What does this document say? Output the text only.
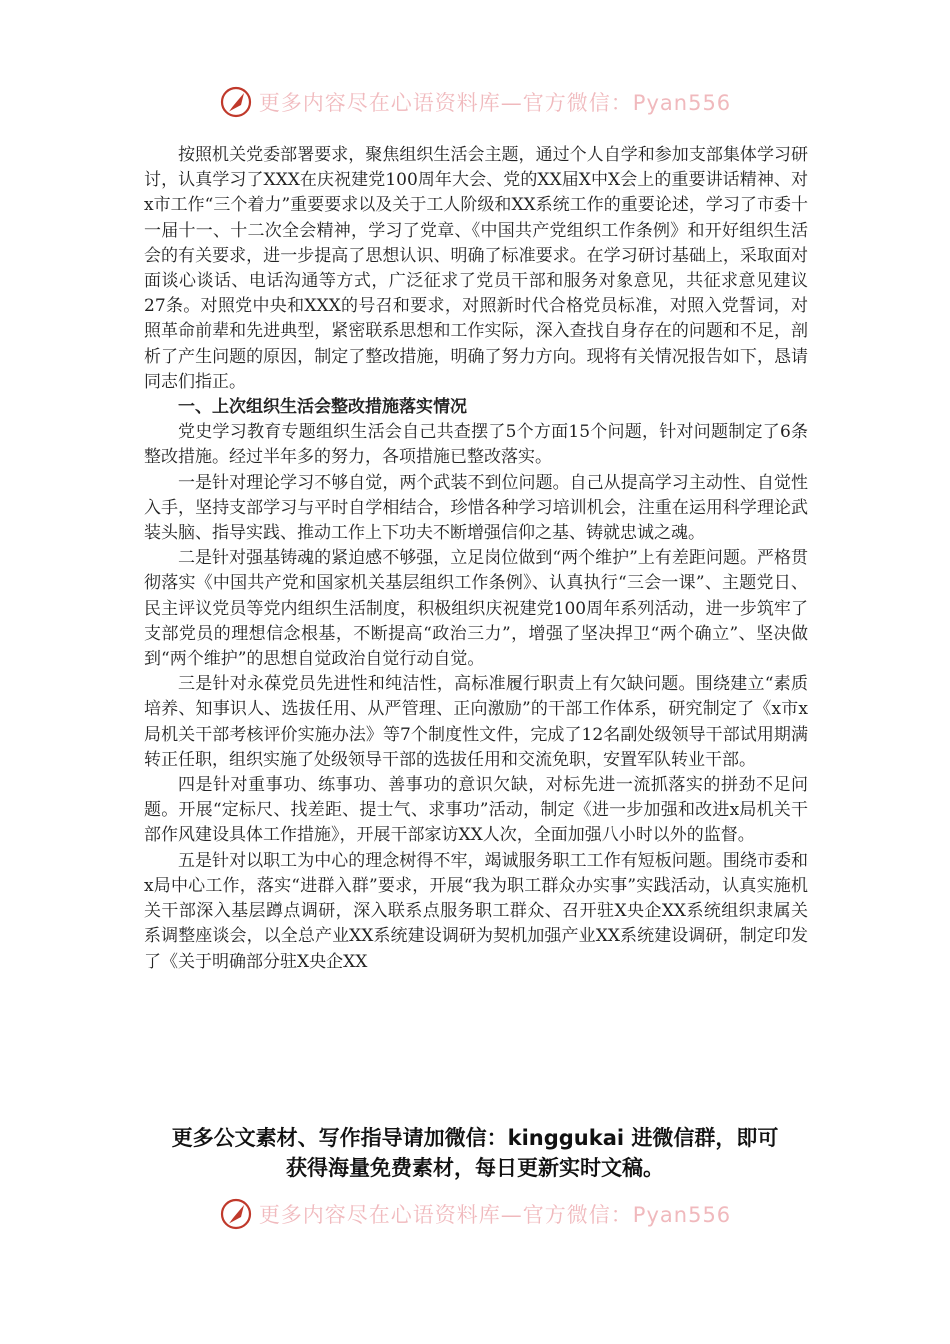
更多内容尽在心语资料库—官方微信：Pyan556

按照机关党委部署要求，聚焦组织生活会主题，通过个人自学和参加支部集体学习研讨，认真学习了XXX在庆祝建党100周年大会、党的XX届X中X会上的重要讲话精神、对x市工作“三个着力”重要要求以及关于工人阶级和XX系统工作的重要论述，学习了市委十一届十一、十二次全会精神，学习了党章、《中国共产党组织工作条例》和开好组织生活会的有关要求，进一步提高了思想认识、明确了标准要求。在学习研讨基础上，采取面对面谈心谈话、电话沟通等方式，广泛征求了党员干部和服务对象意见，共征求意见建议27条。对照党中央和XXX的号召和要求，对照新时代合格党员标准，对照入党誓词，对照革命前辈和先进典型，紧密联系思想和工作实际，深入查找自身存在的问题和不足，剖析了产生问题的原因，制定了整改措施，明确了努力方向。现将有关情况报告如下，恳请同志们指正。

一、上次组织生活会整改措施落实情况

党史学习教育专题组织生活会自己共查摆了5个方面15个问题，针对问题制定了6条整改措施。经过半年多的努力，各项措施已整改落实。

一是针对理论学习不够自觉，两个武装不到位问题。自己从提高学习主动性、自觉性入手，坚持支部学习与平时自学相结合，珍惜各种学习培训机会，注重在运用科学理论武装头脑、指导实践、推动工作上下功夫不断增强信仰之基、铸就忠诚之魂。

二是针对强基铸魂的紧迫感不够强，立足岗位做到“两个维护”上有差距问题。严格贯彻落实《中国共产党和国家机关基层组织工作条例》、认真执行“三会一课”、主题党日、民主评议党员等党内组织生活制度，积极组织庆祝建党100周年系列活动，进一步筑牢了支部党员的理想信念根基，不断提高“政治三力”，增强了坚决捍卫“两个确立”、坚决做到“两个维护”的思想自觉政治自觉行动自觉。

三是针对永葆党员先进性和纯洁性，高标准履行职责上有欠缺问题。围绕建立“素质培养、知事识人、选拔任用、从严管理、正向激励”的干部工作体系，研究制定了《x市x局机关干部考核评价实施办法》等7个制度性文件，完成了12名副处级领导干部试用期满转正任职，组织实施了处级领导干部的选拔任用和交流免职，安置军队转业干部。

四是针对重事功、练事功、善事功的意识欠缺，对标先进一流抓落实的拼劲不足问题。开展“定标尺、找差距、提士气、求事功”活动，制定《进一步加强和改进x局机关干部作风建设具体工作措施》，开展干部家访XX人次，全面加强八小时以外的监督。

五是针对以职工为中心的理念树得不牢，竭诚服务职工工作有短板问题。围绕市委和x局中心工作，落实“进群入群”要求，开展“我为职工群众办实事”实践活动，认真实施机关干部深入基层蹲点调研，深入联系点服务职工群众、召开驻X央企XX系统组织隶属关系调整座谈会，以全总产业XX系统建设调研为契机加强产业XX系统建设调研，制定印发了《关于明确部分驻X央企XX

更多公文素材、写作指导请加微信：kinggukai 进微信群，即可
获得海量免费素材，每日更新实时文稿。
更多内容尽在心语资料库—官方微信：Pyan556
